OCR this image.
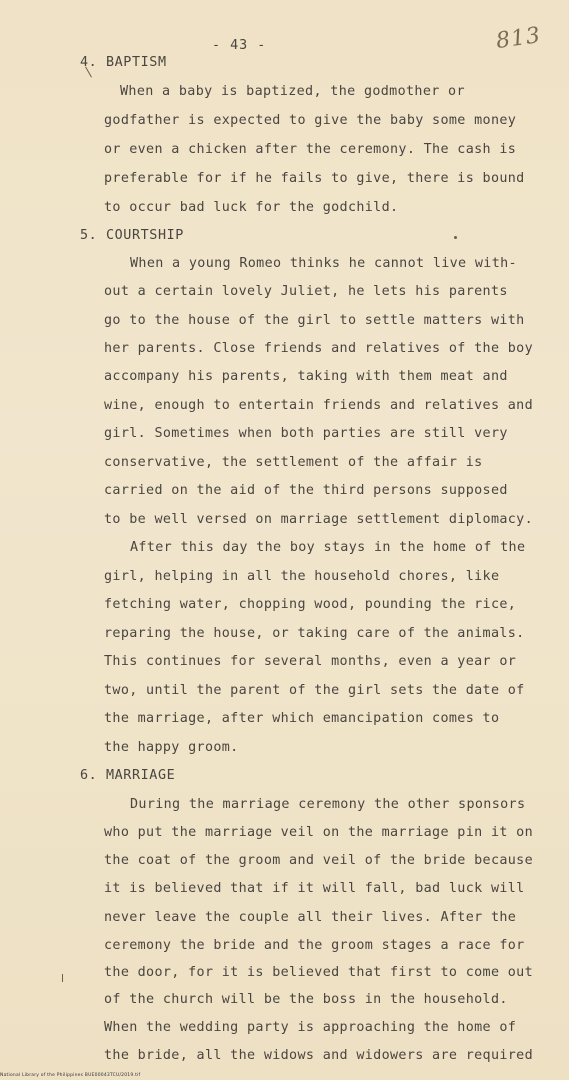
- 43 -	813
4. BAPTISM
When a baby is baptized, the godmother or
godfather is expected to give the baby some money
or even a chicken after the ceremony. The cash is
preferable for if he fails to give, there is bound
to occur bad luck for the godchild.
5. COURTSHIP
When a young Romeo thinks he cannot live with-
out a certain lovely Juliet, he lets his parents
go to the house of the girl to settle matters with
her parents. Close friends and relatives of the boy
accompany his parents, taking with them meat and
wine, enough to entertain friends and relatives and
girl. Sometimes when both parties are still very
conservative, the settlement of the affair is
carried on the aid of the third persons supposed
to be well versed on marriage settlement diplomacy.
After this day the boy stays in the home of the
girl, helping in all the household chores, like
fetching water, chopping wood, pounding the rice,
reparing the house, or taking care of the animals.
This continues for several months, even a year or
two, until the parent of the girl sets the date of
the marriage, after which emancipation comes to
the happy groom.
6. MARRIAGE
During the marriage ceremony the other sponsors
who put the marriage veil on the marriage pin it on
the coat of the groom and veil of the bride because
it is believed that if it will fall, bad luck will
never leave the couple all their lives. After the
ceremony the bride and the groom stages a race for
the door, for it is believed that first to come out
of the church will be the boss in the household.
When the wedding party is approaching the home of
the bride, all the widows and widowers are required
National Library of the Philippines BUE00043TCU/2019.tif
